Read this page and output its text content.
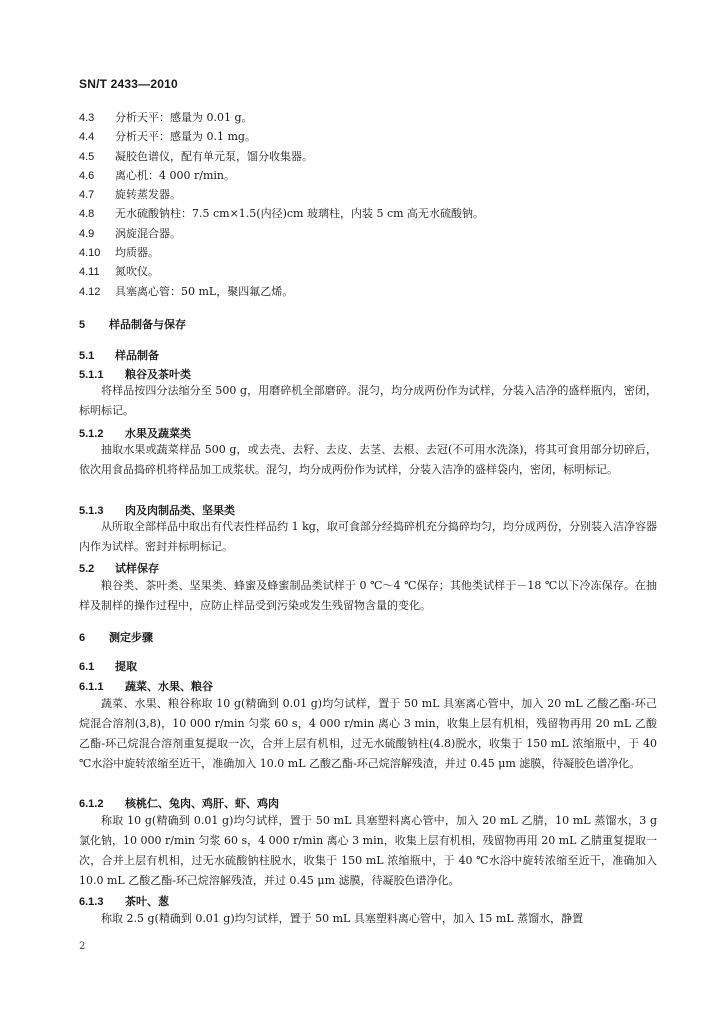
SN/T 2433—2010
4.3 分析天平：感量为 0.01 g。
4.4 分析天平：感量为 0.1 mg。
4.5 凝胶色谱仪，配有单元泵，馏分收集器。
4.6 离心机：4 000 r/min。
4.7 旋转蒸发器。
4.8 无水硫酸钠柱：7.5 cm×1.5(内径)cm 玻璃柱，内装 5 cm 高无水硫酸钠。
4.9 涡旋混合器。
4.10 均质器。
4.11 氮吹仪。
4.12 具塞离心管：50 mL，聚四氟乙烯。
5 样品制备与保存
5.1 样品制备
5.1.1 粮谷及茶叶类
将样品按四分法缩分至 500 g，用磨碎机全部磨碎。混匀，均分成两份作为试样，分装入洁净的盛样瓶内，密闭，标明标记。
5.1.2 水果及蔬菜类
抽取水果或蔬菜样品 500 g，或去壳、去籽、去皮、去茎、去根、去冠(不可用水洗涤)，将其可食用部分切碎后，依次用食品捣碎机将样品加工成浆状。混匀，均分成两份作为试样，分装入洁净的盛样袋内，密闭，标明标记。
5.1.3 肉及肉制品类、坚果类
从所取全部样品中取出有代表性样品约 1 kg，取可食部分经捣碎机充分捣碎均匀，均分成两份，分别装入洁净容器内作为试样。密封并标明标记。
5.2 试样保存
粮谷类、茶叶类、坚果类、蜂蜜及蜂蜜制品类试样于 0 ℃～4 ℃保存；其他类试样于－18 ℃以下冷冻保存。在抽样及制样的操作过程中，应防止样品受到污染或发生残留物含量的变化。
6 测定步骤
6.1 提取
6.1.1 蔬菜、水果、粮谷
蔬菜、水果、粮谷称取 10 g(精确到 0.01 g)均匀试样，置于 50 mL 具塞离心管中，加入 20 mL 乙酸乙酯-环己烷混合溶剂(3,8)，10 000 r/min 匀浆 60 s，4 000 r/min 离心 3 min，收集上层有机相，残留物再用 20 mL 乙酸乙酯-环己烷混合溶剂重复提取一次，合并上层有机相，过无水硫酸钠柱(4.8)脱水，收集于 150 mL 浓缩瓶中，于 40 ℃水浴中旋转浓缩至近干，准确加入 10.0 mL 乙酸乙酯-环己烷溶解残渣，并过 0.45 μm 滤膜，待凝胶色谱净化。
6.1.2 核桃仁、兔肉、鸡肝、虾、鸡肉
称取 10 g(精确到 0.01 g)均匀试样，置于 50 mL 具塞塑料离心管中，加入 20 mL 乙腈，10 mL 蒸馏水，3 g 氯化钠，10 000 r/min 匀浆 60 s，4 000 r/min 离心 3 min，收集上层有机相，残留物再用 20 mL 乙腈重复提取一次，合并上层有机相，过无水硫酸钠柱脱水，收集于 150 mL 浓缩瓶中，于 40 ℃水浴中旋转浓缩至近干，准确加入 10.0 mL 乙酸乙酯-环己烷溶解残渣，并过 0.45 μm 滤膜，待凝胶色谱净化。
6.1.3 茶叶、葱
称取 2.5 g(精确到 0.01 g)均匀试样，置于 50 mL 具塞塑料离心管中，加入 15 mL 蒸馏水，静置
2
